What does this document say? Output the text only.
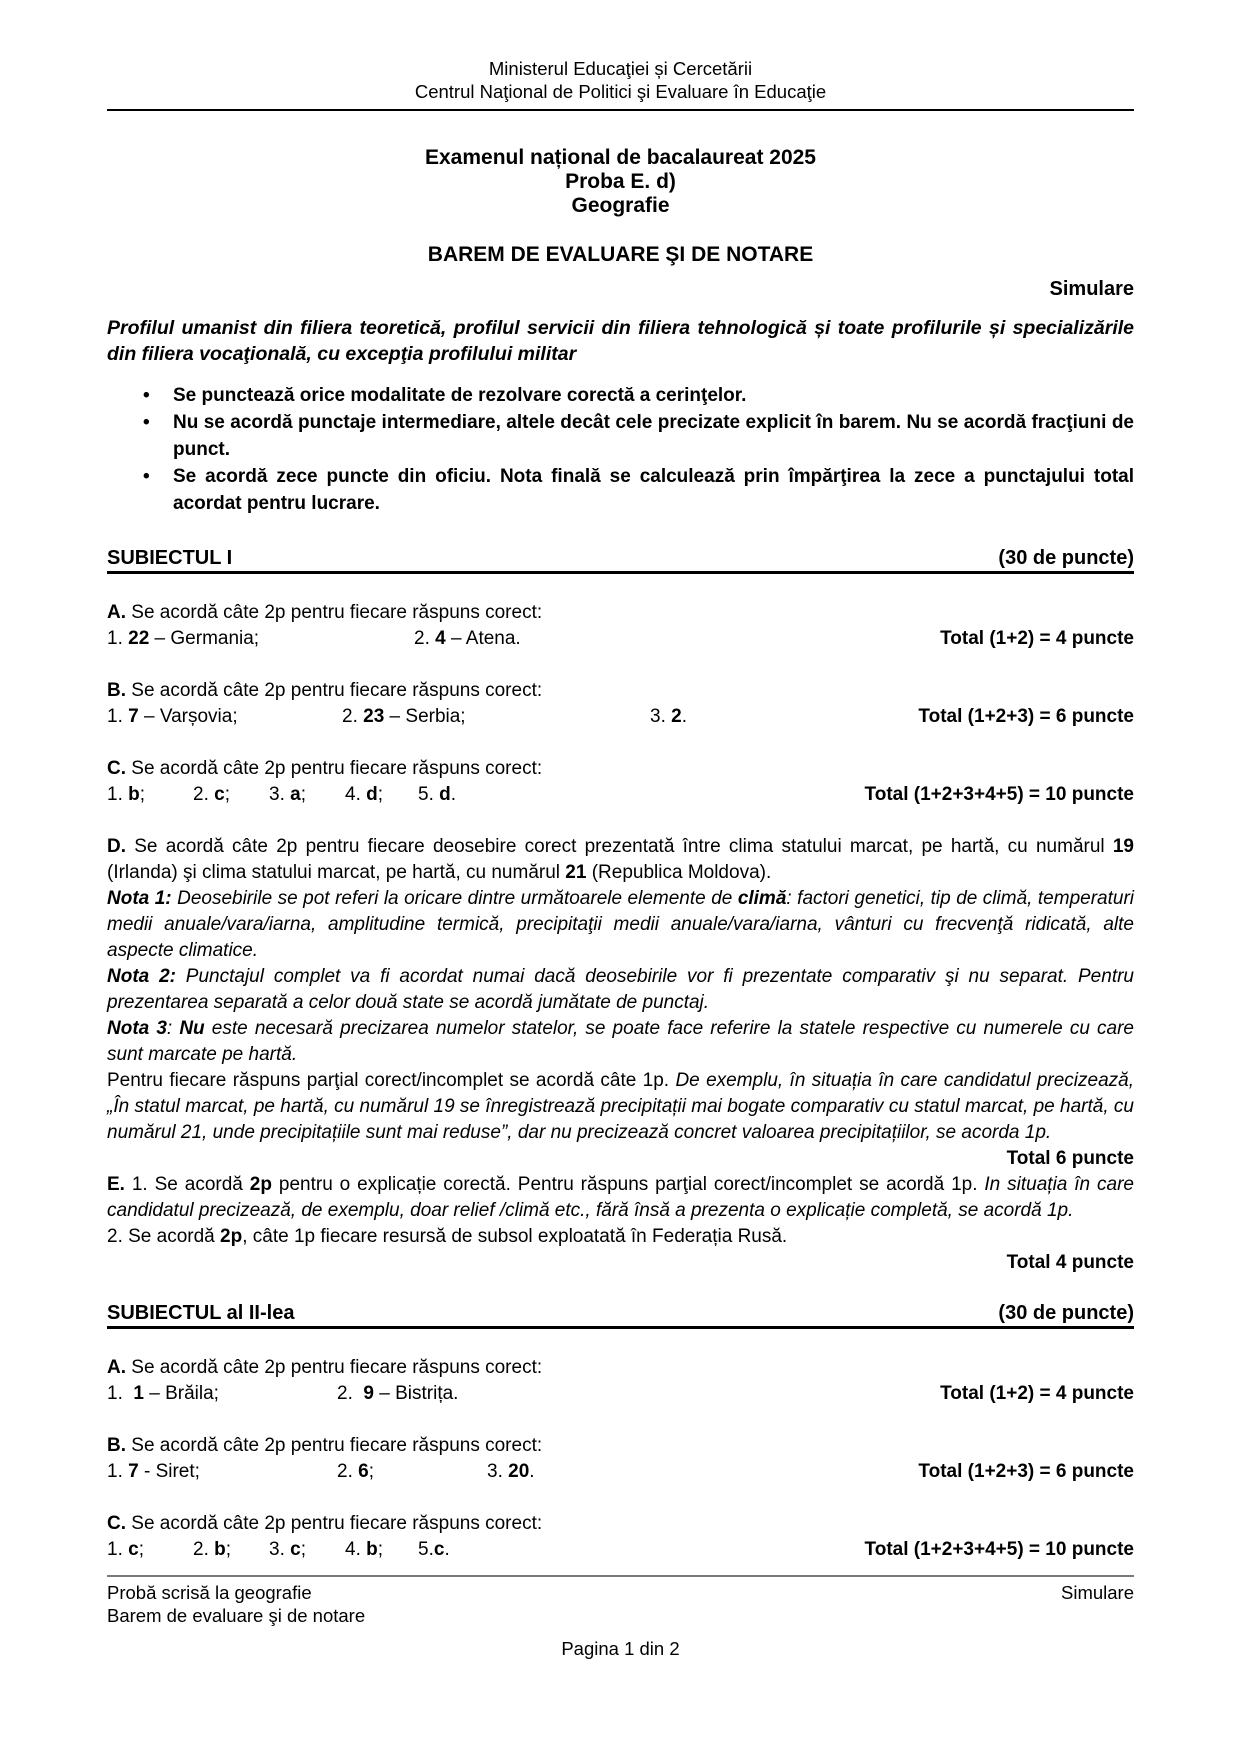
Ministerul Educaţiei și Cercetării
Centrul Naţional de Politici şi Evaluare în Educaţie
Examenul național de bacalaureat 2025
Proba E. d)
Geografie
BAREM DE EVALUARE ŞI DE NOTARE
Simulare

Profilul umanist din filiera teoretică, profilul servicii din filiera tehnologică și toate profilurile și specializările din filiera vocaţională, cu excepţia profilului militar

• Se punctează orice modalitate de rezolvare corectă a cerinţelor.
• Nu se acordă punctaje intermediare, altele decât cele precizate explicit în barem. Nu se acordă fracţiuni de punct.
• Se acordă zece puncte din oficiu. Nota finală se calculează prin împărţirea la zece a punctajului total acordat pentru lucrare.
SUBIECTUL I	(30 de puncte)
A. Se acordă câte 2p pentru fiecare răspuns corect:
1. 22 – Germania;	2. 4 – Atena.	Total (1+2) = 4 puncte
B. Se acordă câte 2p pentru fiecare răspuns corect:
1. 7 – Varșovia;	2. 23 – Serbia;	3. 2.	Total (1+2+3) = 6 puncte
C. Se acordă câte 2p pentru fiecare răspuns corect:
1. b;	2. c;	3. a;	4. d;	5. d.	Total (1+2+3+4+5) = 10 puncte

D. Se acordă câte 2p pentru fiecare deosebire corect prezentată între clima statului marcat, pe hartă, cu numărul 19 (Irlanda) şi clima statului marcat, pe hartă, cu numărul 21 (Republica Moldova).

Nota 1: Deosebirile se pot referi la oricare dintre următoarele elemente de climă: factori genetici, tip de climă, temperaturi medii anuale/vara/iarna, amplitudine termică, precipitaţii medii anuale/vara/iarna, vânturi cu frecvenţă ridicată, alte aspecte climatice.

Nota 2: Punctajul complet va fi acordat numai dacă deosebirile vor fi prezentate comparativ şi nu separat. Pentru prezentarea separată a celor două state se acordă jumătate de punctaj.

Nota 3: Nu este necesară precizarea numelor statelor, se poate face referire la statele respective cu numerele cu care sunt marcate pe hartă.

Pentru fiecare răspuns parţial corect/incomplet se acordă câte 1p. De exemplu, în situația în care candidatul precizează, „În statul marcat, pe hartă, cu numărul 19 se înregistrează precipitații mai bogate comparativ cu statul marcat, pe hartă, cu numărul 21, unde precipitațiile sunt mai reduse”, dar nu precizează concret valoarea precipitațiilor, se acorda 1p.

Total 6 puncte

E. 1. Se acordă 2p pentru o explicație corectă. Pentru răspuns parţial corect/incomplet se acordă 1p. In situația în care candidatul precizează, de exemplu, doar relief /climă etc., fără însă a prezenta o explicație completă, se acordă 1p.

2. Se acordă 2p, câte 1p fiecare resursă de subsol exploatată în Federația Rusă.

Total 4 puncte
SUBIECTUL al II-lea	(30 de puncte)
A. Se acordă câte 2p pentru fiecare răspuns corect:
1.  1 – Brăila;	2.  9 – Bistrița.	Total (1+2) = 4 puncte
B. Se acordă câte 2p pentru fiecare răspuns corect:
1. 7 - Siret;	2. 6;	3. 20.	Total (1+2+3) = 6 puncte
C. Se acordă câte 2p pentru fiecare răspuns corect:
1. c;	2. b;	3. c;	4. b;	5.c.	Total (1+2+3+4+5) = 10 puncte
Probă scrisă la geografie	Simulare
Barem de evaluare şi de notare
Pagina 1 din 2
